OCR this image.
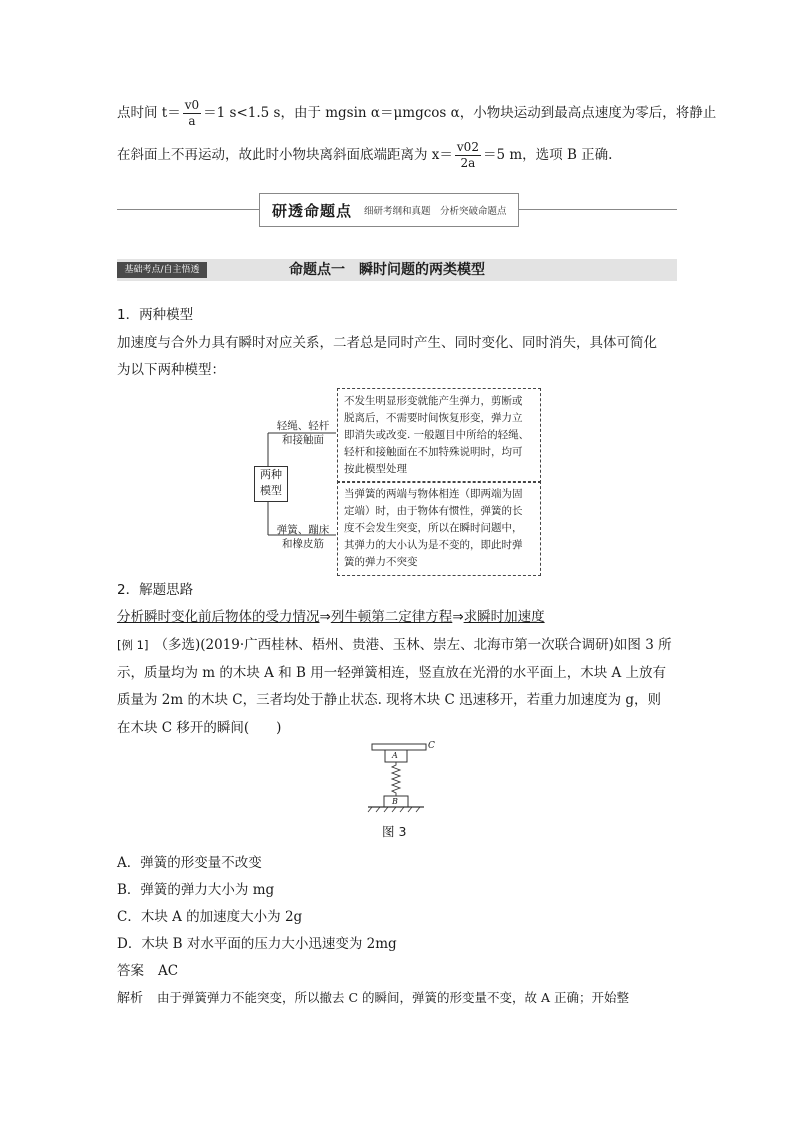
点时间 $t= \frac{v0}{a} =1$ s<1.5 s，由于 mgsin α＝μmgcos α，小物块运动到最高点速度为零后，将静止
在斜面上不再运动，故此时小物块离斜面底端距离为 $x= \frac{v02}{2a} =5$ m，选项 B 正确.
研透命题点 细研考纲和真题　分析突破命题点
基础考点/自主悟透	命题点一　瞬时问题的两类模型
1．两种模型
加速度与合外力具有瞬时对应关系，二者总是同时产生、同时变化、同时消失，具体可简化
为以下两种模型：
两种
模型
轻绳、轻杆
和接触面
弹簧、蹦床
和橡皮筋
不发生明显形变就能产生弹力，剪断或
脱离后，不需要时间恢复形变，弹力立
即消失或改变. 一般题目中所给的轻绳、
轻杆和接触面在不加特殊说明时，均可
按此模型处理
当弹簧的两端与物体相连（即两端为固
定端）时，由于物体有惯性，弹簧的长
度不会发生突变，所以在瞬时问题中，
其弹力的大小认为是不变的，即此时弹
簧的弹力不突变
2．解题思路
分析瞬时变化前后物体的受力情况⇒列牛顿第二定律方程⇒求瞬时加速度
[例 1] （多选)(2019·广西桂林、梧州、贵港、玉林、崇左、北海市第一次联合调研)如图 3 所
示，质量均为 m 的木块 A 和 B 用一轻弹簧相连，竖直放在光滑的水平面上，木块 A 上放有
质量为 2m 的木块 C，三者均处于静止状态. 现将木块 C 迅速移开，若重力加速度为 g，则
在木块 C 移开的瞬间(　　)
C
A
B
图 3
A．弹簧的形变量不改变
B．弹簧的弹力大小为 mg
C．木块 A 的加速度大小为 2g
D．木块 B 对水平面的压力大小迅速变为 2mg
答案 AC
解析 由于弹簧弹力不能突变，所以撤去 C 的瞬间，弹簧的形变量不变，故 A 正确；开始整
